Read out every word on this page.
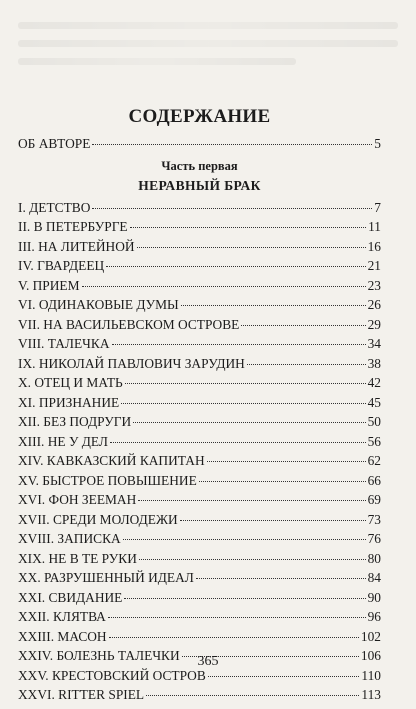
СОДЕРЖАНИЕ
ОБ АВТОРЕ	5
Часть первая
НЕРАВНЫЙ БРАК
I. ДЕТСТВО	7
II. В ПЕТЕРБУРГЕ	11
III. НА ЛИТЕЙНОЙ	16
IV. ГВАРДЕЕЦ	21
V. ПРИЕМ	23
VI. ОДИНАКОВЫЕ ДУМЫ	26
VII. НА ВАСИЛЬЕВСКОМ ОСТРОВЕ	29
VIII. ТАЛЕЧКА	34
IX. НИКОЛАЙ ПАВЛОВИЧ ЗАРУДИН	38
X. ОТЕЦ И МАТЬ	42
XI. ПРИЗНАНИЕ	45
XII. БЕЗ ПОДРУГИ	50
XIII. НЕ У ДЕЛ	56
XIV. КАВКАЗСКИЙ КАПИТАН	62
XV. БЫСТРОЕ ПОВЫШЕНИЕ	66
XVI. ФОН ЗЕЕМАН	69
XVII. СРЕДИ МОЛОДЕЖИ	73
XVIII. ЗАПИСКА	76
XIX. НЕ В ТЕ РУКИ	80
XX. РАЗРУШЕННЫЙ ИДЕАЛ	84
XXI. СВИДАНИЕ	90
XXII. КЛЯТВА	96
XXIII. МАСОН	102
XXIV. БОЛЕЗНЬ ТАЛЕЧКИ	106
XXV. КРЕСТОВСКИЙ ОСТРОВ	110
XXVI. RITTER SPIEL	113
365
